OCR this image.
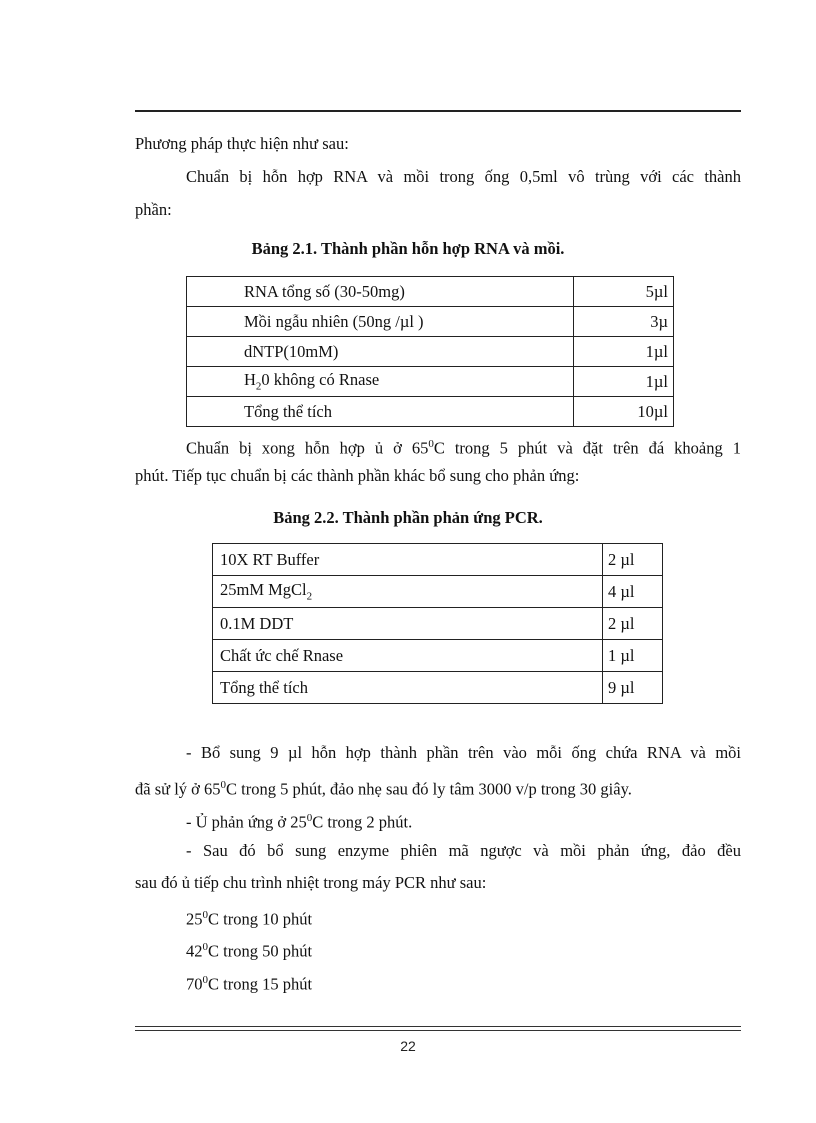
Phương pháp thực hiện như sau:
Chuẩn bị hỗn hợp RNA và mồi trong ống 0,5ml vô trùng với các thành
phần:
Bảng 2.1. Thành phần hỗn hợp RNA và mồi.
RNA tổng số (30-50mg)	5µl
Mồi ngẫu nhiên (50ng /µl )	3µ
dNTP(10mM)	1µl
$H_20$ không có Rnase	1µl
Tổng thể tích	10µl
Chuẩn bị xong hỗn hợp ủ ở $65^0C$ trong 5 phút và đặt trên đá khoảng 1
phút. Tiếp tục chuẩn bị các thành phần khác bổ sung cho phản ứng:
Bảng 2.2. Thành phần phản ứng PCR.
10X RT Buffer	2 µl
25mM MgCl$_2$	4 µl
0.1M DDT	2 µl
Chất ức chế Rnase	1 µl
Tổng thể tích	9 µl
- Bổ sung 9 µl hỗn hợp thành phần trên vào mỗi ống chứa RNA và mồi
đã sử lý ở $65^0C$ trong 5 phút, đảo nhẹ sau đó ly tâm 3000 v/p trong 30 giây.
- Ủ phản ứng ở $25^0C$ trong 2 phút.
- Sau đó bổ sung enzyme phiên mã ngược và mồi phản ứng, đảo đều
sau đó ủ tiếp chu trình nhiệt trong máy PCR như sau:
$25^0C$ trong 10 phút
$42^0C$ trong 50 phút
$70^0C$ trong 15 phút
22
